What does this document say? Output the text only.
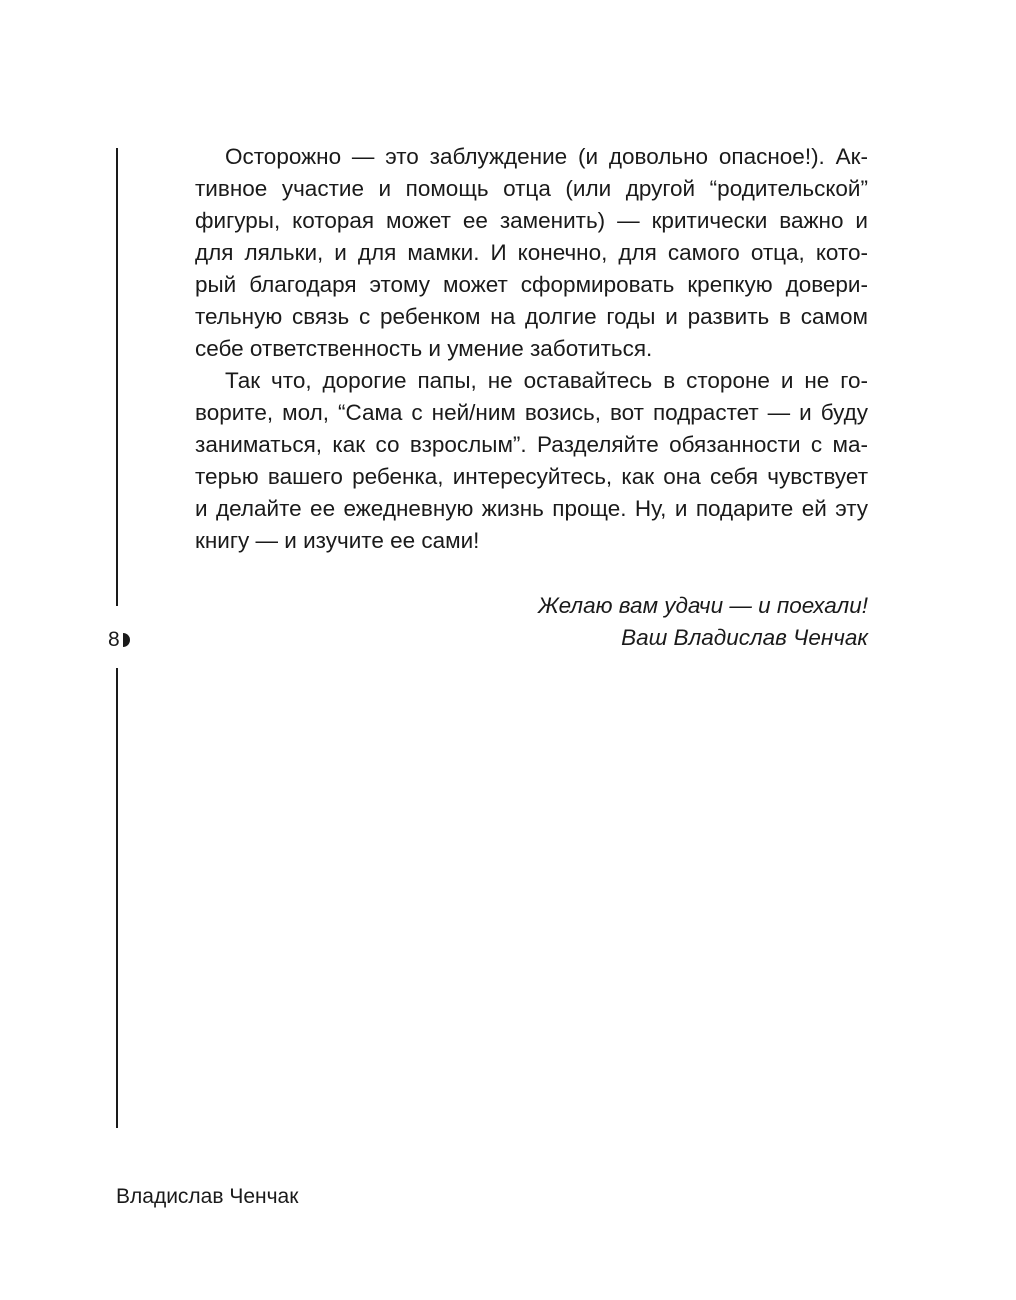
8
Осторожно — это заблуждение (и довольно опасное!). Ак-
тивное участие и помощь отца (или другой “родительской”
фигуры, которая может ее заменить) — критически важно и
для ляльки, и для мамки. И конечно, для самого отца, кото-
рый благодаря этому может сформировать крепкую довери-
тельную связь с ребенком на долгие годы и развить в самом
себе ответственность и умение заботиться.
Так что, дорогие папы, не оставайтесь в стороне и не го-
ворите, мол, “Сама с ней/ним возись, вот подрастет — и буду
заниматься, как со взрослым”. Разделяйте обязанности с ма-
терью вашего ребенка, интересуйтесь, как она себя чувствует
и делайте ее ежедневную жизнь проще. Ну, и подарите ей эту
книгу — и изучите ее сами!
Желаю вам удачи — и поехали!
Ваш Владислав Ченчак
Владислав Ченчак
